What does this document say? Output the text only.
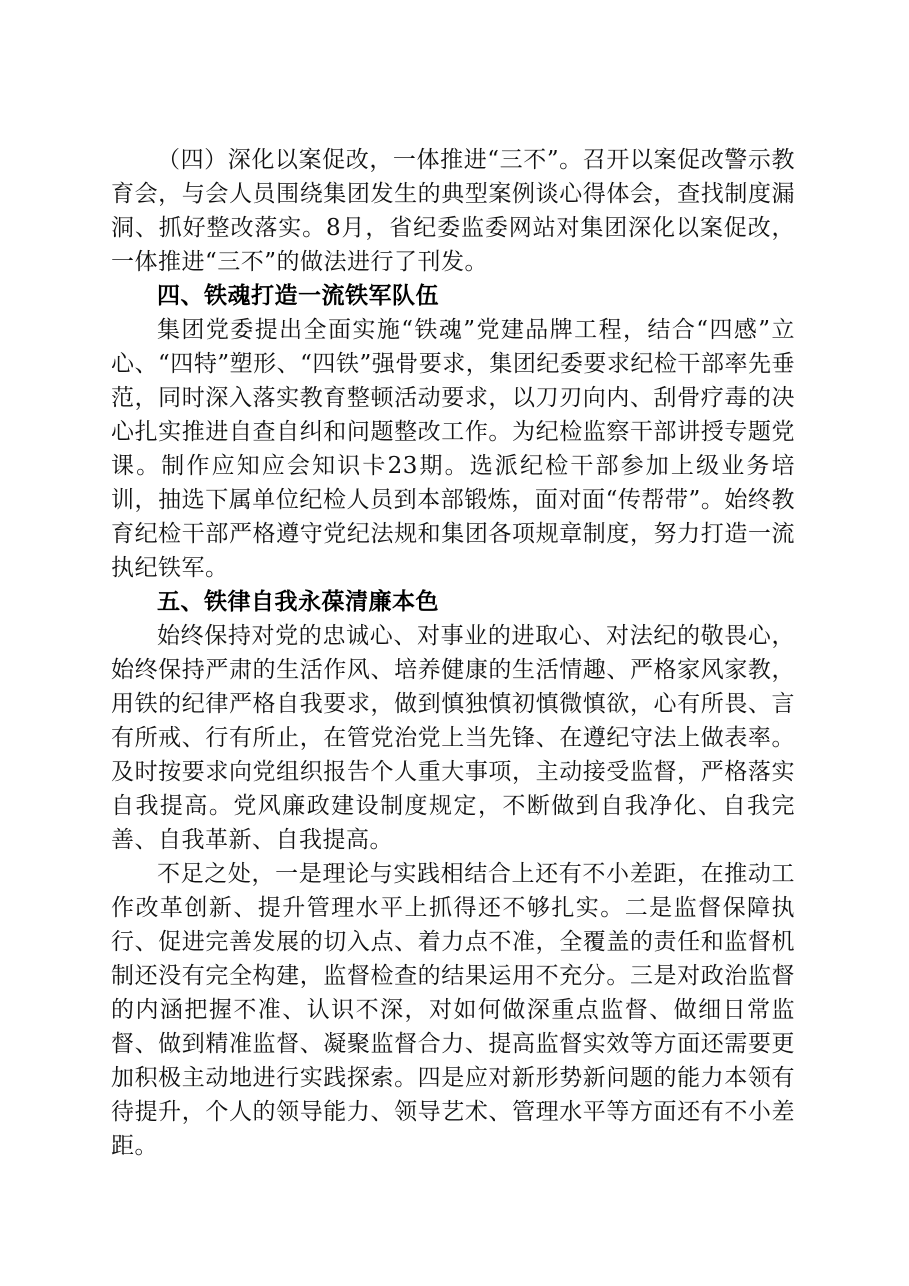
（四）深化以案促改，一体推进“三不”。召开以案促改警示教育会，与会人员围绕集团发生的典型案例谈心得体会，查找制度漏洞、抓好整改落实。8月，省纪委监委网站对集团深化以案促改，一体推进“三不”的做法进行了刊发。

四、铁魂打造一流铁军队伍

集团党委提出全面实施“铁魂”党建品牌工程，结合“四感”立心、“四特”塑形、“四铁”强骨要求，集团纪委要求纪检干部率先垂范，同时深入落实教育整顿活动要求，以刀刃向内、刮骨疗毒的决心扎实推进自查自纠和问题整改工作。为纪检监察干部讲授专题党课。制作应知应会知识卡23期。选派纪检干部参加上级业务培训，抽选下属单位纪检人员到本部锻炼，面对面“传帮带”。始终教育纪检干部严格遵守党纪法规和集团各项规章制度，努力打造一流执纪铁军。

五、铁律自我永葆清廉本色

始终保持对党的忠诚心、对事业的进取心、对法纪的敬畏心，始终保持严肃的生活作风、培养健康的生活情趣、严格家风家教，用铁的纪律严格自我要求，做到慎独慎初慎微慎欲，心有所畏、言有所戒、行有所止，在管党治党上当先锋、在遵纪守法上做表率。及时按要求向党组织报告个人重大事项，主动接受监督，严格落实自我提高。党风廉政建设制度规定，不断做到自我净化、自我完善、自我革新、自我提高。

不足之处，一是理论与实践相结合上还有不小差距，在推动工作改革创新、提升管理水平上抓得还不够扎实。二是监督保障执行、促进完善发展的切入点、着力点不准，全覆盖的责任和监督机制还没有完全构建，监督检查的结果运用不充分。三是对政治监督的内涵把握不准、认识不深，对如何做深重点监督、做细日常监督、做到精准监督、凝聚监督合力、提高监督实效等方面还需要更加积极主动地进行实践探索。四是应对新形势新问题的能力本领有待提升，个人的领导能力、领导艺术、管理水平等方面还有不小差距。
